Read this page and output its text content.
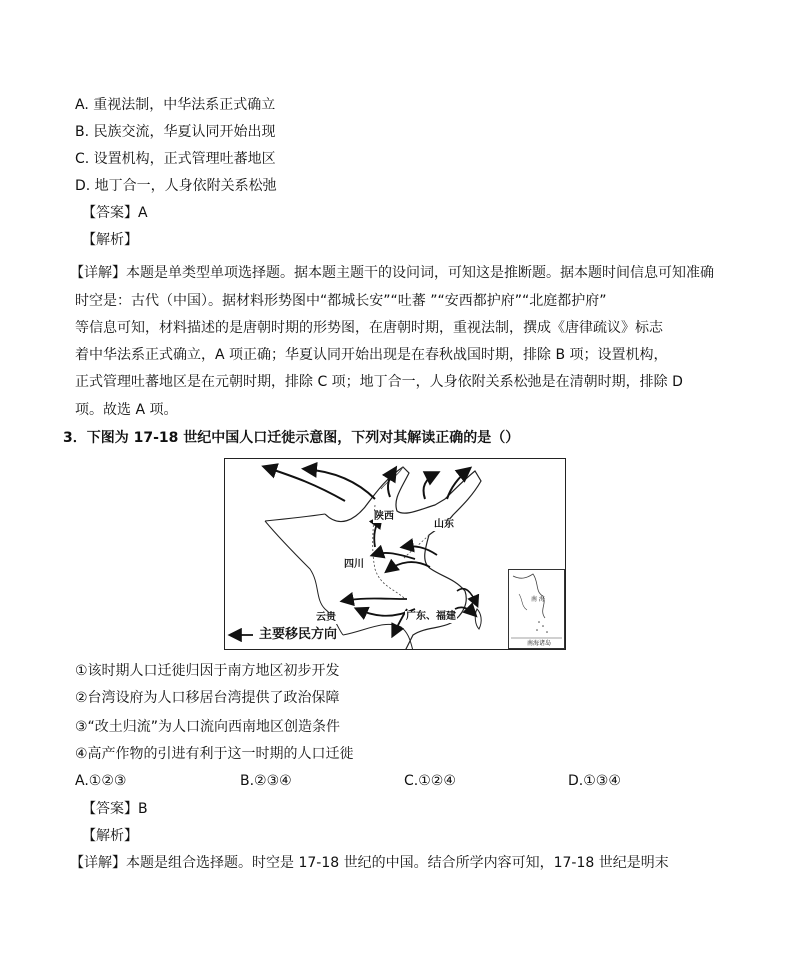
A. 重视法制，中华法系正式确立
B. 民族交流，华夏认同开始出现
C. 设置机构，正式管理吐蕃地区
D. 地丁合一，人身依附关系松弛
【答案】A
【解析】
【详解】本题是单类型单项选择题。据本题主题干的设问词，可知这是推断题。据本题时间信息可知准确
时空是：古代（中国）。据材料形势图中“都城长安”“吐蕃 ”“安西都护府”“北庭都护府”
等信息可知，材料描述的是唐朝时期的形势图，在唐朝时期，重视法制，撰成《唐律疏议》标志
着中华法系正式确立，A 项正确；华夏认同开始出现是在春秋战国时期，排除 B 项；设置机构，
正式管理吐蕃地区是在元朝时期，排除 C 项；地丁合一，人身依附关系松弛是在清朝时期，排除 D
项。故选 A 项。
3．下图为 17-18 世纪中国人口迁徙示意图，下列对其解读正确的是（）
陕西
山东
四川
云贵	广东、福建
主要移民方向
南 海
南海诸岛
①该时期人口迁徙归因于南方地区初步开发
②台湾设府为人口移居台湾提供了政治保障
③“改土归流”为人口流向西南地区创造条件
④高产作物的引进有利于这一时期的人口迁徙
A.①②③	B.②③④	C.①②④	D.①③④
【答案】B
【解析】
【详解】本题是组合选择题。时空是 17-18 世纪的中国。结合所学内容可知，17-18 世纪是明末
